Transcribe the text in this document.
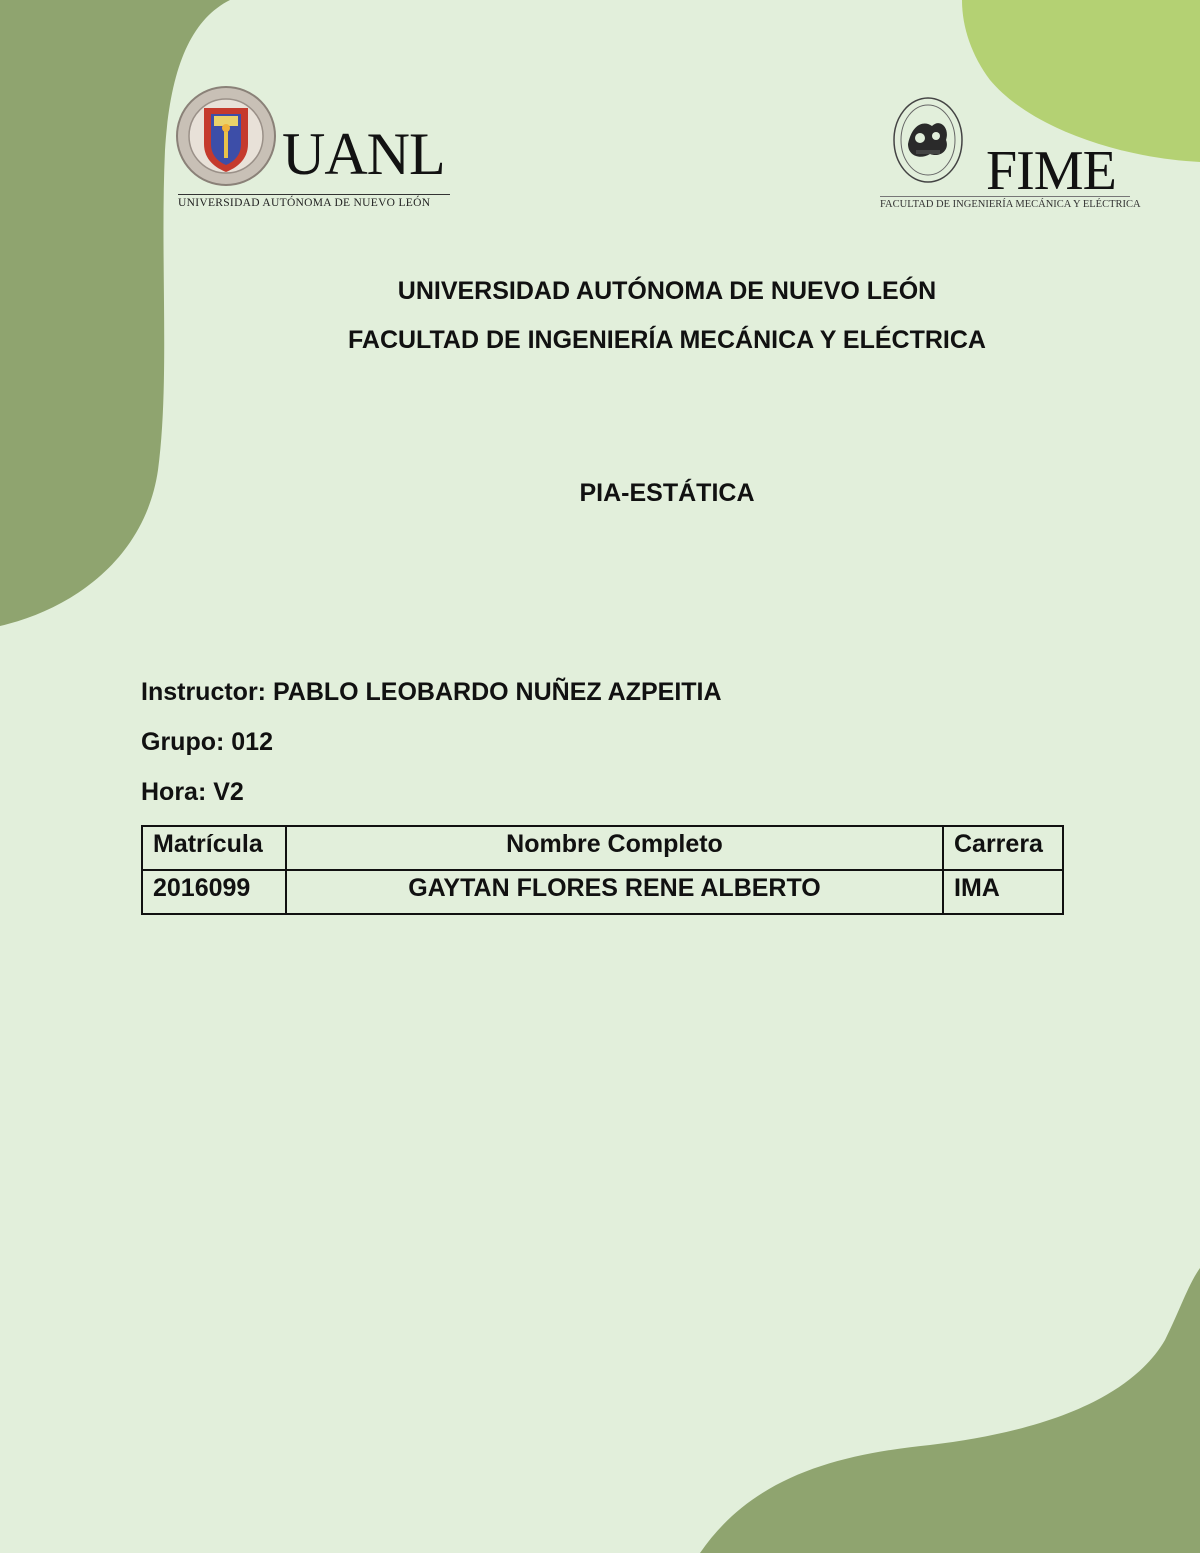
UANL
UNIVERSIDAD AUTÓNOMA DE NUEVO LEÓN
FIME
FACULTAD DE INGENIERÍA MECÁNICA Y ELÉCTRICA
UNIVERSIDAD AUTÓNOMA DE NUEVO LEÓN
FACULTAD DE INGENIERÍA MECÁNICA Y ELÉCTRICA
PIA-ESTÁTICA
Instructor: PABLO LEOBARDO NUÑEZ AZPEITIA
Grupo: 012
Hora: V2
Matrícula	Nombre Completo	Carrera
2016099	GAYTAN FLORES RENE ALBERTO	IMA
